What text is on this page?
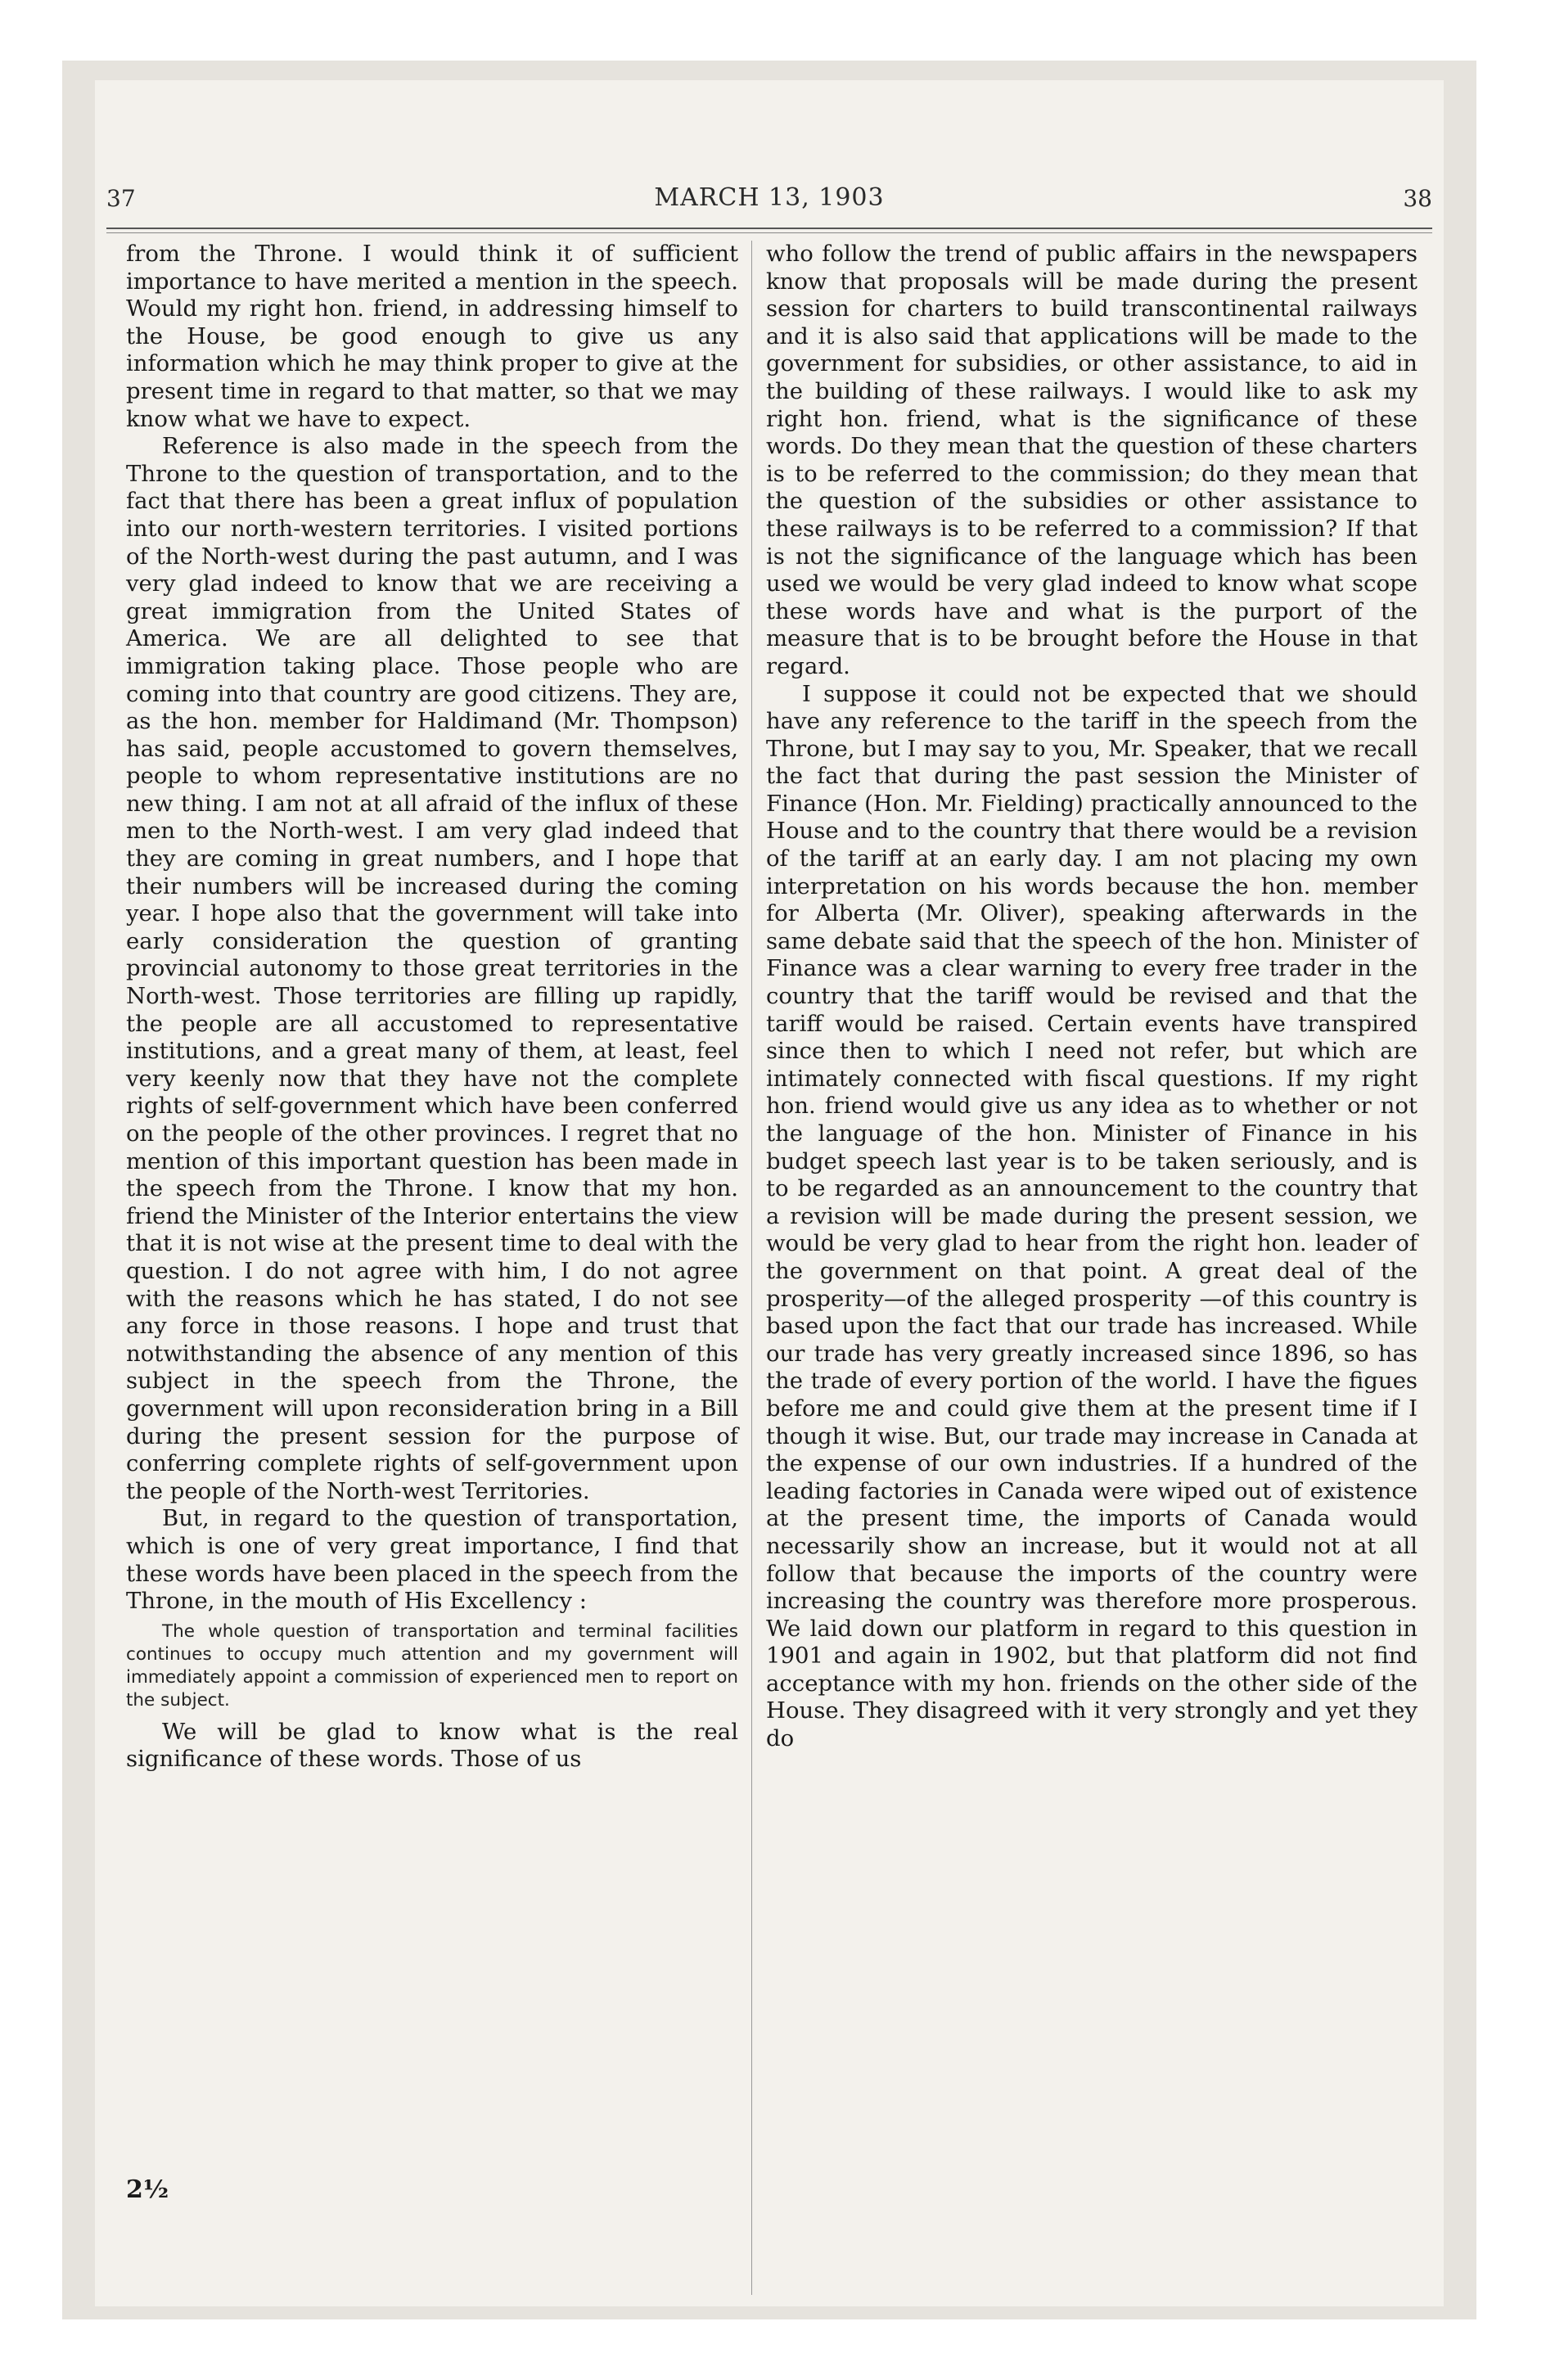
37	MARCH 13, 1903	38

from the Throne. I would think it of sufficient importance to have merited a mention in the speech. Would my right hon. friend, in addressing himself to the House, be good enough to give us any information which he may think proper to give at the present time in regard to that matter, so that we may know what we have to expect.

Reference is also made in the speech from the Throne to the question of transportation, and to the fact that there has been a great influx of population into our north-western territories. I visited portions of the North-west during the past autumn, and I was very glad indeed to know that we are receiving a great immigration from the United States of America. We are all delighted to see that immigration taking place. Those people who are coming into that country are good citizens. They are, as the hon. member for Haldimand (Mr. Thompson) has said, people accustomed to govern themselves, people to whom representative institutions are no new thing. I am not at all afraid of the influx of these men to the North-west. I am very glad indeed that they are coming in great numbers, and I hope that their numbers will be increased during the coming year. I hope also that the government will take into early consideration the question of granting provincial autonomy to those great territories in the North-west. Those territories are filling up rapidly, the people are all accustomed to representative institutions, and a great many of them, at least, feel very keenly now that they have not the complete rights of self-government which have been conferred on the people of the other provinces. I regret that no mention of this important question has been made in the speech from the Throne. I know that my hon. friend the Minister of the Interior entertains the view that it is not wise at the present time to deal with the question. I do not agree with him, I do not agree with the reasons which he has stated, I do not see any force in those reasons. I hope and trust that notwithstanding the absence of any mention of this subject in the speech from the Throne, the government will upon reconsideration bring in a Bill during the present session for the purpose of conferring complete rights of self-government upon the people of the North-west Territories.

But, in regard to the question of transportation, which is one of very great importance, I find that these words have been placed in the speech from the Throne, in the mouth of His Excellency :

The whole question of transportation and terminal facilities continues to occupy much attention and my government will immediately appoint a commission of experienced men to report on the subject.

We will be glad to know what is the real significance of these words. Those of us

who follow the trend of public affairs in the newspapers know that proposals will be made during the present session for charters to build transcontinental railways and it is also said that applications will be made to the government for subsidies, or other assistance, to aid in the building of these railways. I would like to ask my right hon. friend, what is the significance of these words. Do they mean that the question of these charters is to be referred to the commission; do they mean that the question of the subsidies or other assistance to these railways is to be referred to a commission? If that is not the significance of the language which has been used we would be very glad indeed to know what scope these words have and what is the purport of the measure that is to be brought before the House in that regard.

I suppose it could not be expected that we should have any reference to the tariff in the speech from the Throne, but I may say to you, Mr. Speaker, that we recall the fact that during the past session the Minister of Finance (Hon. Mr. Fielding) practically announced to the House and to the country that there would be a revision of the tariff at an early day. I am not placing my own interpretation on his words because the hon. member for Alberta (Mr. Oliver), speaking afterwards in the same debate said that the speech of the hon. Minister of Finance was a clear warning to every free trader in the country that the tariff would be revised and that the tariff would be raised. Certain events have transpired since then to which I need not refer, but which are intimately connected with fiscal questions. If my right hon. friend would give us any idea as to whether or not the language of the hon. Minister of Finance in his budget speech last year is to be taken seriously, and is to be regarded as an announcement to the country that a revision will be made during the present session, we would be very glad to hear from the right hon. leader of the government on that point. A great deal of the prosperity—of the alleged prosperity —of this country is based upon the fact that our trade has increased. While our trade has very greatly increased since 1896, so has the trade of every portion of the world. I have the figues before me and could give them at the present time if I though it wise. But, our trade may increase in Canada at the expense of our own industries. If a hundred of the leading factories in Canada were wiped out of existence at the present time, the imports of Canada would necessarily show an increase, but it would not at all follow that because the imports of the country were increasing the country was therefore more prosperous. We laid down our platform in regard to this question in 1901 and again in 1902, but that platform did not find acceptance with my hon. friends on the other side of the House. They disagreed with it very strongly and yet they do

2½
